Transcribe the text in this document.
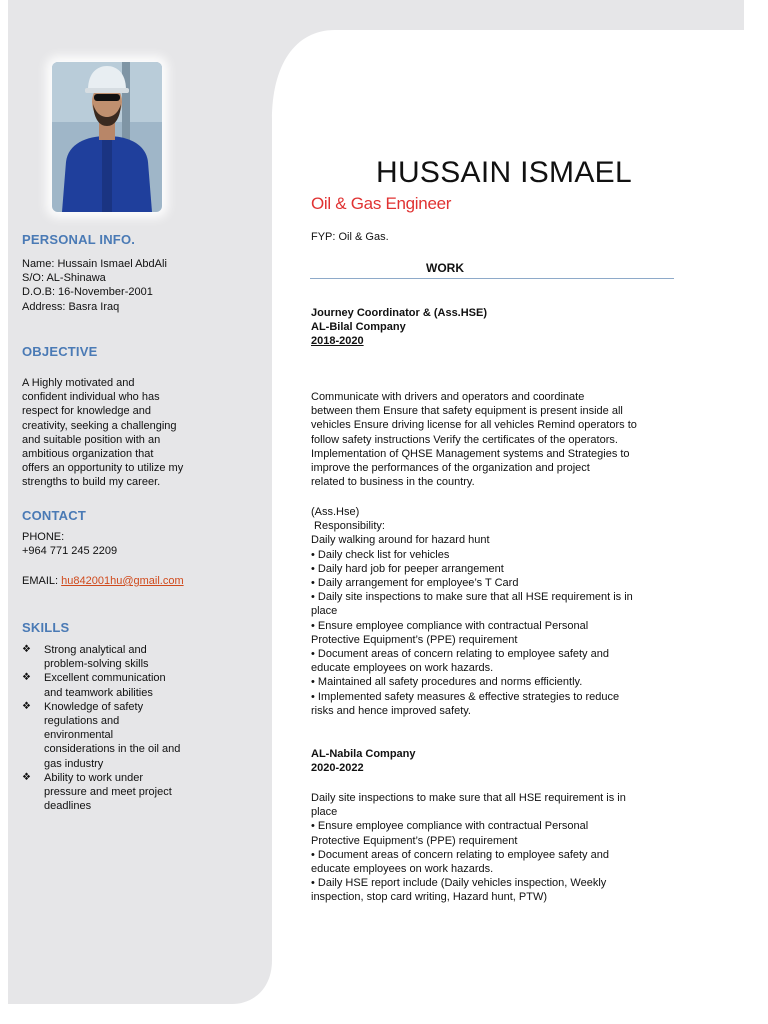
PERSONAL INFO.
Name: Hussain Ismael AbdAli
S/O: AL-Shinawa
D.O.B: 16-November-2001
Address: Basra Iraq
OBJECTIVE
A Highly motivated and
confident individual who has
respect for knowledge and
creativity, seeking a challenging
and suitable position with an
ambitious organization that
offers an opportunity to utilize my
strengths to build my career.
CONTACT
PHONE:
+964 771 245 2209
EMAIL: hu842001hu@gmail.com
SKILLS
❖ Strong analytical and
problem-solving skills
❖ Excellent communication
and teamwork abilities
❖ Knowledge of safety
regulations and
environmental
considerations in the oil and
gas industry
❖ Ability to work under
pressure and meet project
deadlines
HUSSAIN ISMAEL
Oil & Gas Engineer
FYP: Oil & Gas.
WORK
Journey Coordinator & (Ass.HSE)
AL-Bilal Company
2018-2020
Communicate with drivers and operators and coordinate
between them Ensure that safety equipment is present inside all
vehicles Ensure driving license for all vehicles Remind operators to
follow safety instructions Verify the certificates of the operators.
Implementation of QHSE Management systems and Strategies to
improve the performances of the organization and project
related to business in the country.
(Ass.Hse)
Responsibility:
Daily walking around for hazard hunt
• Daily check list for vehicles
• Daily hard job for peeper arrangement
• Daily arrangement for employee’s T Card
• Daily site inspections to make sure that all HSE requirement is in
place
• Ensure employee compliance with contractual Personal
Protective Equipment’s (PPE) requirement
• Document areas of concern relating to employee safety and
educate employees on work hazards.
• Maintained all safety procedures and norms efficiently.
• Implemented safety measures & effective strategies to reduce
risks and hence improved safety.
AL-Nabila Company
2020-2022
Daily site inspections to make sure that all HSE requirement is in
place
• Ensure employee compliance with contractual Personal
Protective Equipment’s (PPE) requirement
• Document areas of concern relating to employee safety and
educate employees on work hazards.
• Daily HSE report include (Daily vehicles inspection, Weekly
inspection, stop card writing, Hazard hunt, PTW)
